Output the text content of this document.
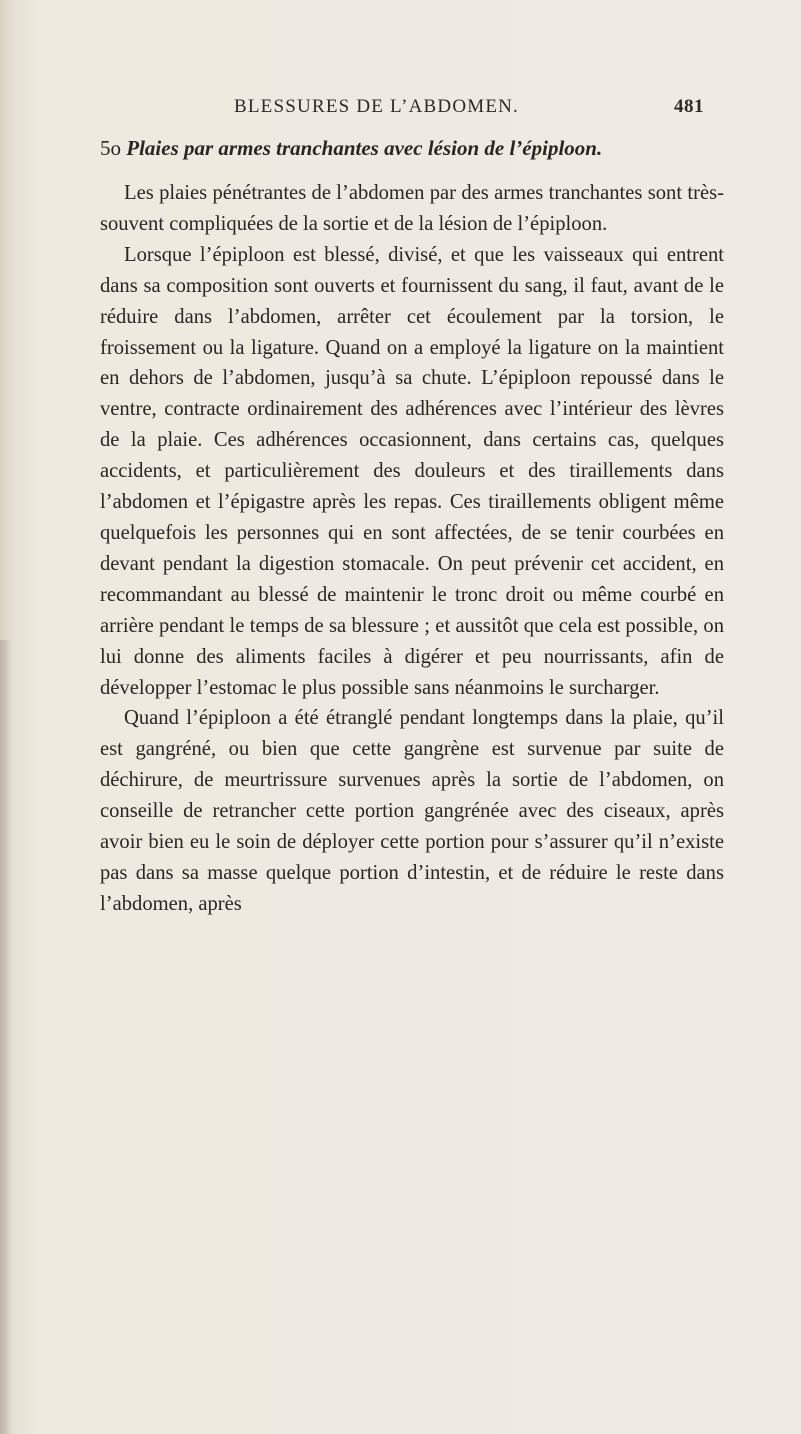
BLESSURES DE L’ABDOMEN.	481
5o Plaies par armes tranchantes avec lésion de l’épiploon.

Les plaies pénétrantes de l’abdomen par des armes tranchantes sont très-souvent compliquées de la sortie et de la lésion de l’épiploon.

Lorsque l’épiploon est blessé, divisé, et que les vaisseaux qui entrent dans sa composition sont ouverts et fournissent du sang, il faut, avant de le réduire dans l’abdomen, arrêter cet écoulement par la torsion, le froissement ou la ligature. Quand on a employé la ligature on la maintient en dehors de l’abdomen, jusqu’à sa chute. L’épiploon repoussé dans le ventre, contracte ordinairement des adhérences avec l’intérieur des lèvres de la plaie. Ces adhérences occasionnent, dans certains cas, quelques accidents, et particulièrement des douleurs et des tiraillements dans l’abdomen et l’épigastre après les repas. Ces tiraillements obligent même quelquefois les personnes qui en sont affectées, de se tenir courbées en devant pendant la digestion stomacale. On peut prévenir cet accident, en recommandant au blessé de maintenir le tronc droit ou même courbé en arrière pendant le temps de sa blessure ; et aussitôt que cela est possible, on lui donne des aliments faciles à digérer et peu nourrissants, afin de développer l’estomac le plus possible sans néanmoins le surcharger.

Quand l’épiploon a été étranglé pendant longtemps dans la plaie, qu’il est gangréné, ou bien que cette gangrène est survenue par suite de déchirure, de meurtrissure survenues après la sortie de l’abdomen, on conseille de retrancher cette portion gangrénée avec des ciseaux, après avoir bien eu le soin de déployer cette portion pour s’assurer qu’il n’existe pas dans sa masse quelque portion d’intestin, et de réduire le reste dans l’abdomen, après
